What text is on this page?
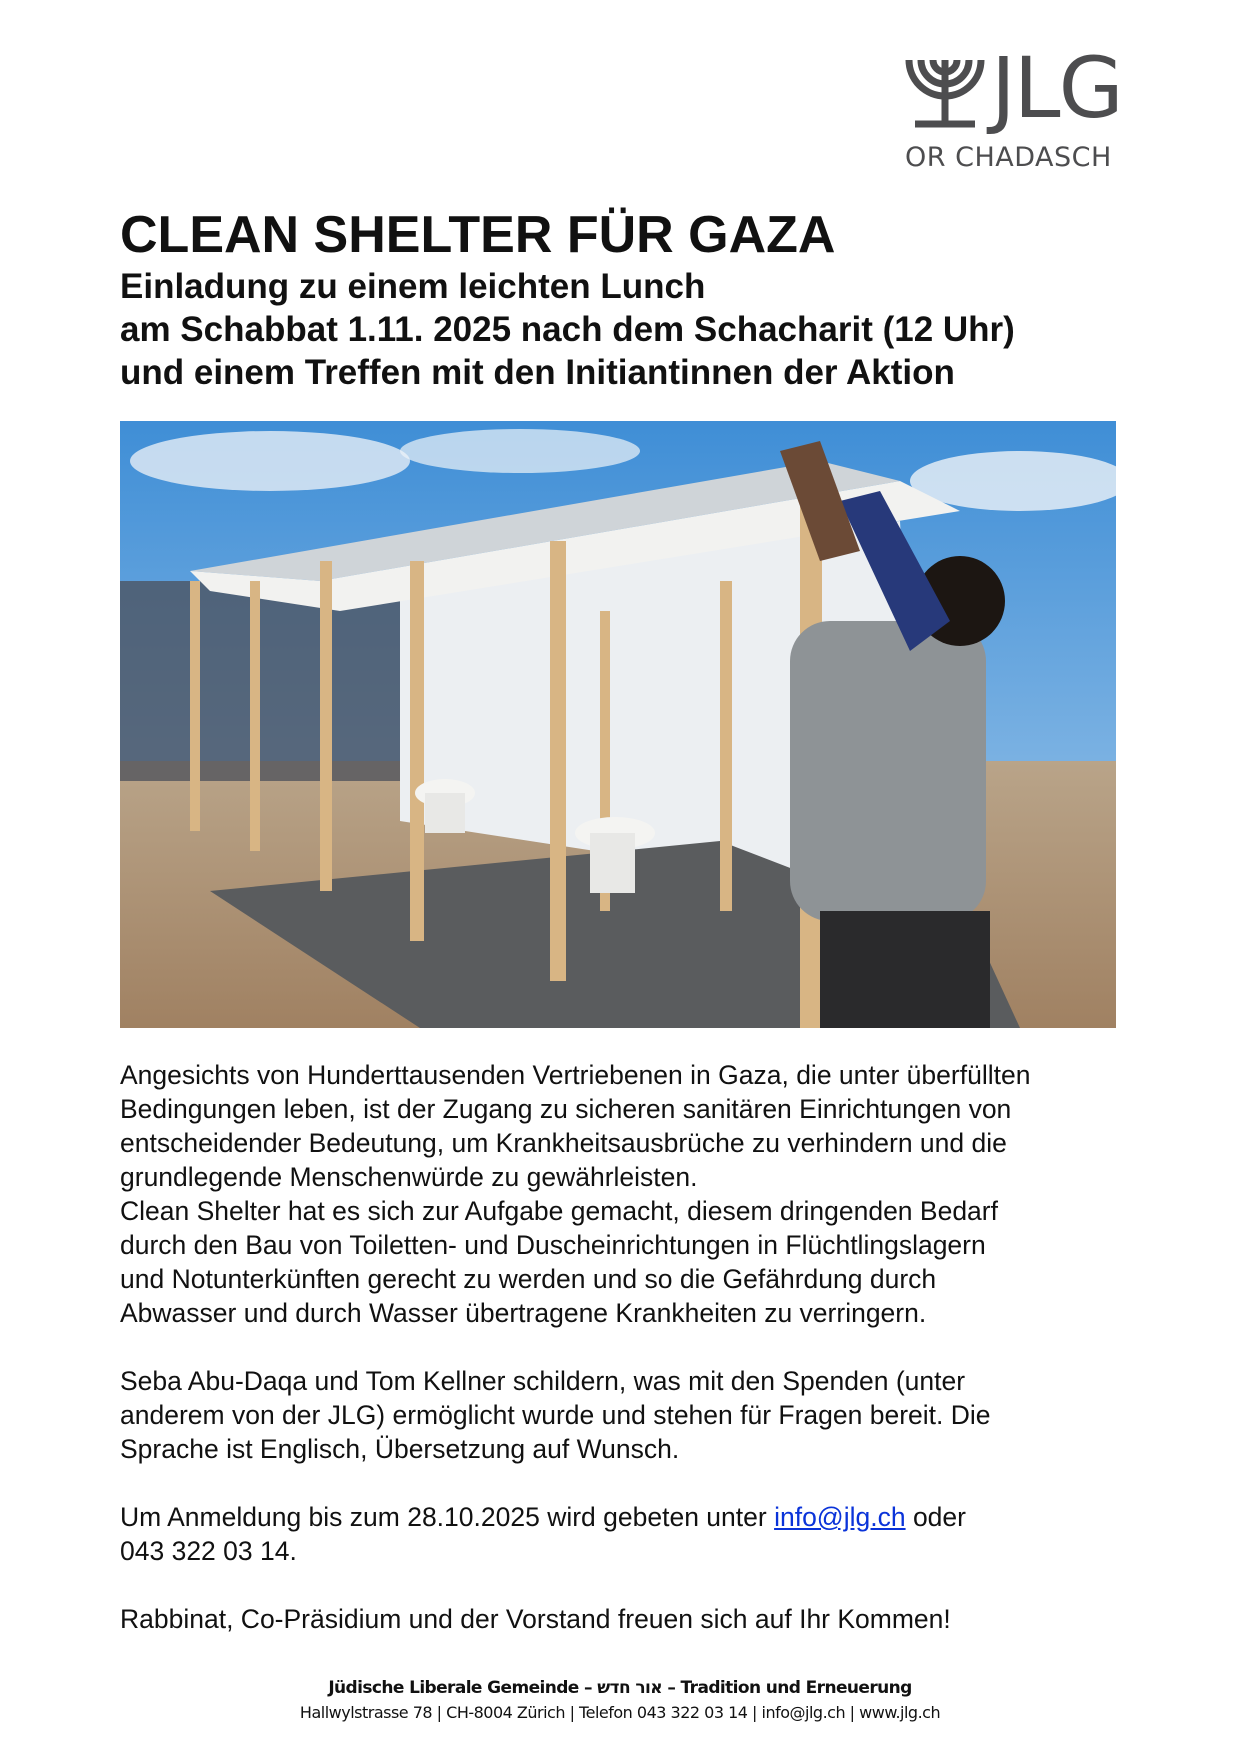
JLG
OR CHADASCH
CLEAN SHELTER FÜR GAZA
Einladung zu einem leichten Lunch
am Schabbat 1.11. 2025 nach dem Schacharit (12 Uhr)
und einem Treffen mit den Initiantinnen der Aktion

Angesichts von Hunderttausenden Vertriebenen in Gaza, die unter überfüllten
Bedingungen leben, ist der Zugang zu sicheren sanitären Einrichtungen von
entscheidender Bedeutung, um Krankheitsausbrüche zu verhindern und die
grundlegende Menschenwürde zu gewährleisten.
Clean Shelter hat es sich zur Aufgabe gemacht, diesem dringenden Bedarf
durch den Bau von Toiletten- und Duscheinrichtungen in Flüchtlingslagern
und Notunterkünften gerecht zu werden und so die Gefährdung durch
Abwasser und durch Wasser übertragene Krankheiten zu verringern.

Seba Abu-Daqa und Tom Kellner schildern, was mit den Spenden (unter
anderem von der JLG) ermöglicht wurde und stehen für Fragen bereit. Die
Sprache ist Englisch, Übersetzung auf Wunsch.

Um Anmeldung bis zum 28.10.2025 wird gebeten unter info@jlg.ch oder
043 322 03 14.

Rabbinat, Co-Präsidium und der Vorstand freuen sich auf Ihr Kommen!

Jüdische Liberale Gemeinde – אור חדש – Tradition und Erneuerung
Hallwylstrasse 78 | CH-8004 Zürich | Telefon 043 322 03 14 | info@jlg.ch | www.jlg.ch
